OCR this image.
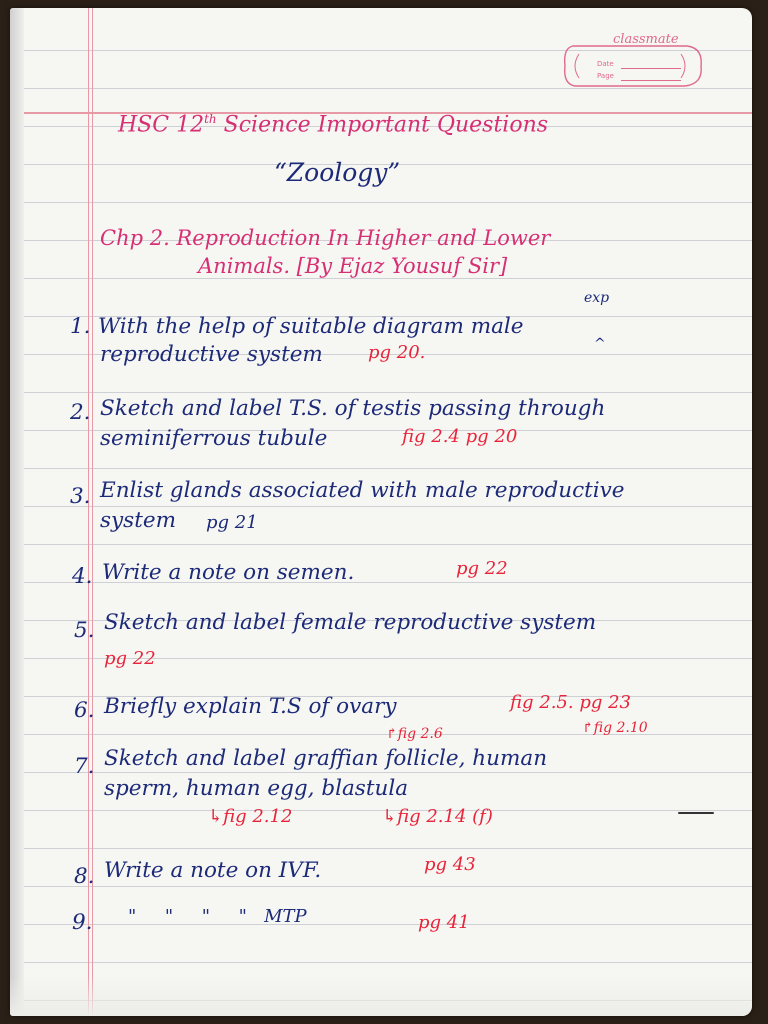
classmate
Date
Page
HSC 12th Science Important Questions
“Zoology”
Chp 2. Reproduction In Higher and Lower
Animals. [By Ejaz Yousuf Sir]
1. With the help of suitable diagram male
exp
^
reproductive system	pg 20.
2. Sketch and label T.S. of testis passing through
seminiferrous tubule	fig 2.4 pg 20
3. Enlist glands associated with male reproductive
system pg 21
4. Write a note on semen.	pg 22
5. Sketch and label female reproductive system
pg 22
6. Briefly explain T.S of ovary	fig 2.5. pg 23
↱fig 2.6	↱fig 2.10
7. Sketch and label graffian follicle, human
sperm, human egg, blastula
↳fig 2.12	↳fig 2.14 (f)
8. Write a note on IVF.	pg 43
9. "     "     "     "   MTP	pg 41
